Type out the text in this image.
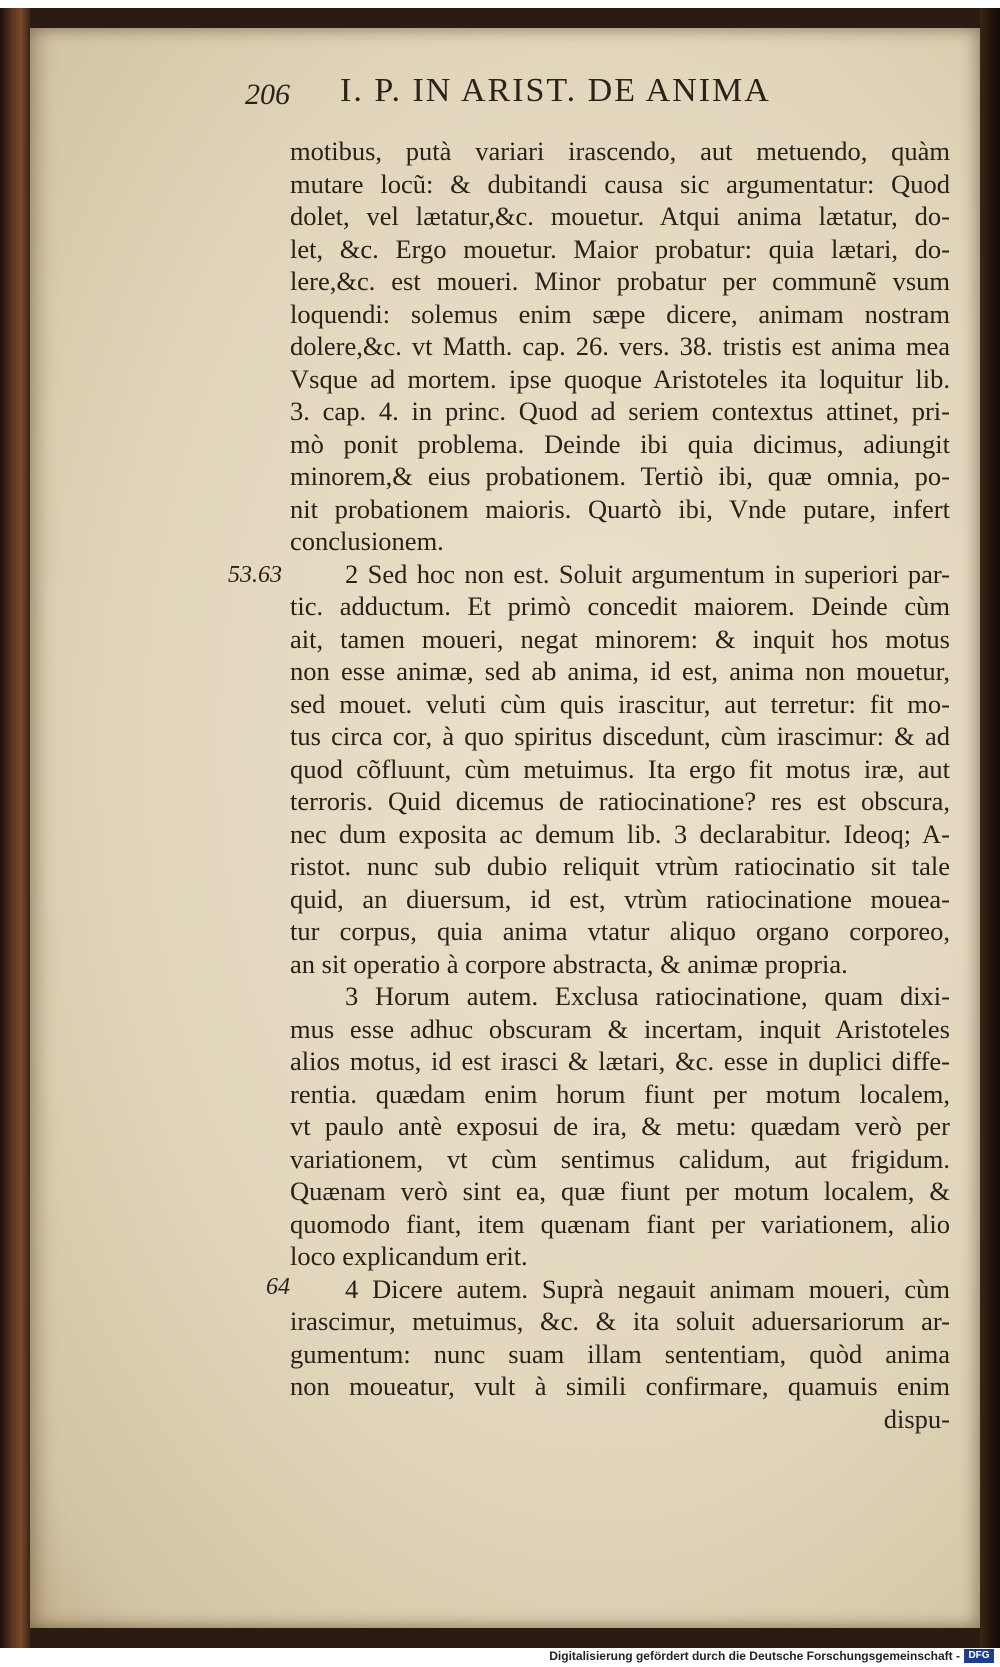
206 I. P. IN ARIST. DE ANIMA
53.63
64
motibus, putà variari irascendo, aut metuendo, quàm
mutare locũ: & dubitandi causa sic argumentatur: Quod
dolet, vel lætatur,&c. mouetur. Atqui anima lætatur, do-
let, &c. Ergo mouetur. Maior probatur: quia lætari, do-
lere,&c. est moueri. Minor probatur per communẽ vsum
loquendi: solemus enim sæpe dicere, animam nostram
dolere,&c. vt Matth. cap. 26. vers. 38. tristis est anima mea
Vsque ad mortem. ipse quoque Aristoteles ita loquitur lib.
3. cap. 4. in princ. Quod ad seriem contextus attinet, pri-
mò ponit problema. Deinde ibi quia dicimus, adiungit
minorem,& eius probationem. Tertiò ibi, quæ omnia, po-
nit probationem maioris. Quartò ibi, Vnde putare, infert
conclusionem.
2 Sed hoc non est. Soluit argumentum in superiori par-
tic. adductum. Et primò concedit maiorem. Deinde cùm
ait, tamen moueri, negat minorem: & inquit hos motus
non esse animæ, sed ab anima, id est, anima non mouetur,
sed mouet. veluti cùm quis irascitur, aut terretur: fit mo-
tus circa cor, à quo spiritus discedunt, cùm irascimur: & ad
quod cõfluunt, cùm metuimus. Ita ergo fit motus iræ, aut
terroris. Quid dicemus de ratiocinatione? res est obscura,
nec dum exposita ac demum lib. 3 declarabitur. Ideoq; A-
ristot. nunc sub dubio reliquit vtrùm ratiocinatio sit tale
quid, an diuersum, id est, vtrùm ratiocinatione moueа-
tur corpus, quia anima vtatur aliquo organo corporeo,
an sit operatio à corpore abstracta, & animæ propria.
3 Horum autem. Exclusa ratiocinatione, quam dixi-
mus esse adhuc obscuram & incertam, inquit Aristoteles
alios motus, id est irasci & lætari, &c. esse in duplici diffe-
rentia. quædam enim horum fiunt per motum localem,
vt paulo antè exposui de ira, & metu: quædam verò per
variationem, vt cùm sentimus calidum, aut frigidum.
Quænam verò sint ea, quæ fiunt per motum localem, &
quomodo fiant, item quænam fiant per variationem, alio
loco explicandum erit.
4 Dicere autem. Suprà negauit animam moueri, cùm
irascimur, metuimus, &c. & ita soluit aduersariorum ar-
gumentum: nunc suam illam sententiam, quòd anima
non moueatur, vult à simili confirmare, quamuis enim
dispu-
Digitalisierung gefördert durch die Deutsche Forschungsgemeinschaft - DFG
